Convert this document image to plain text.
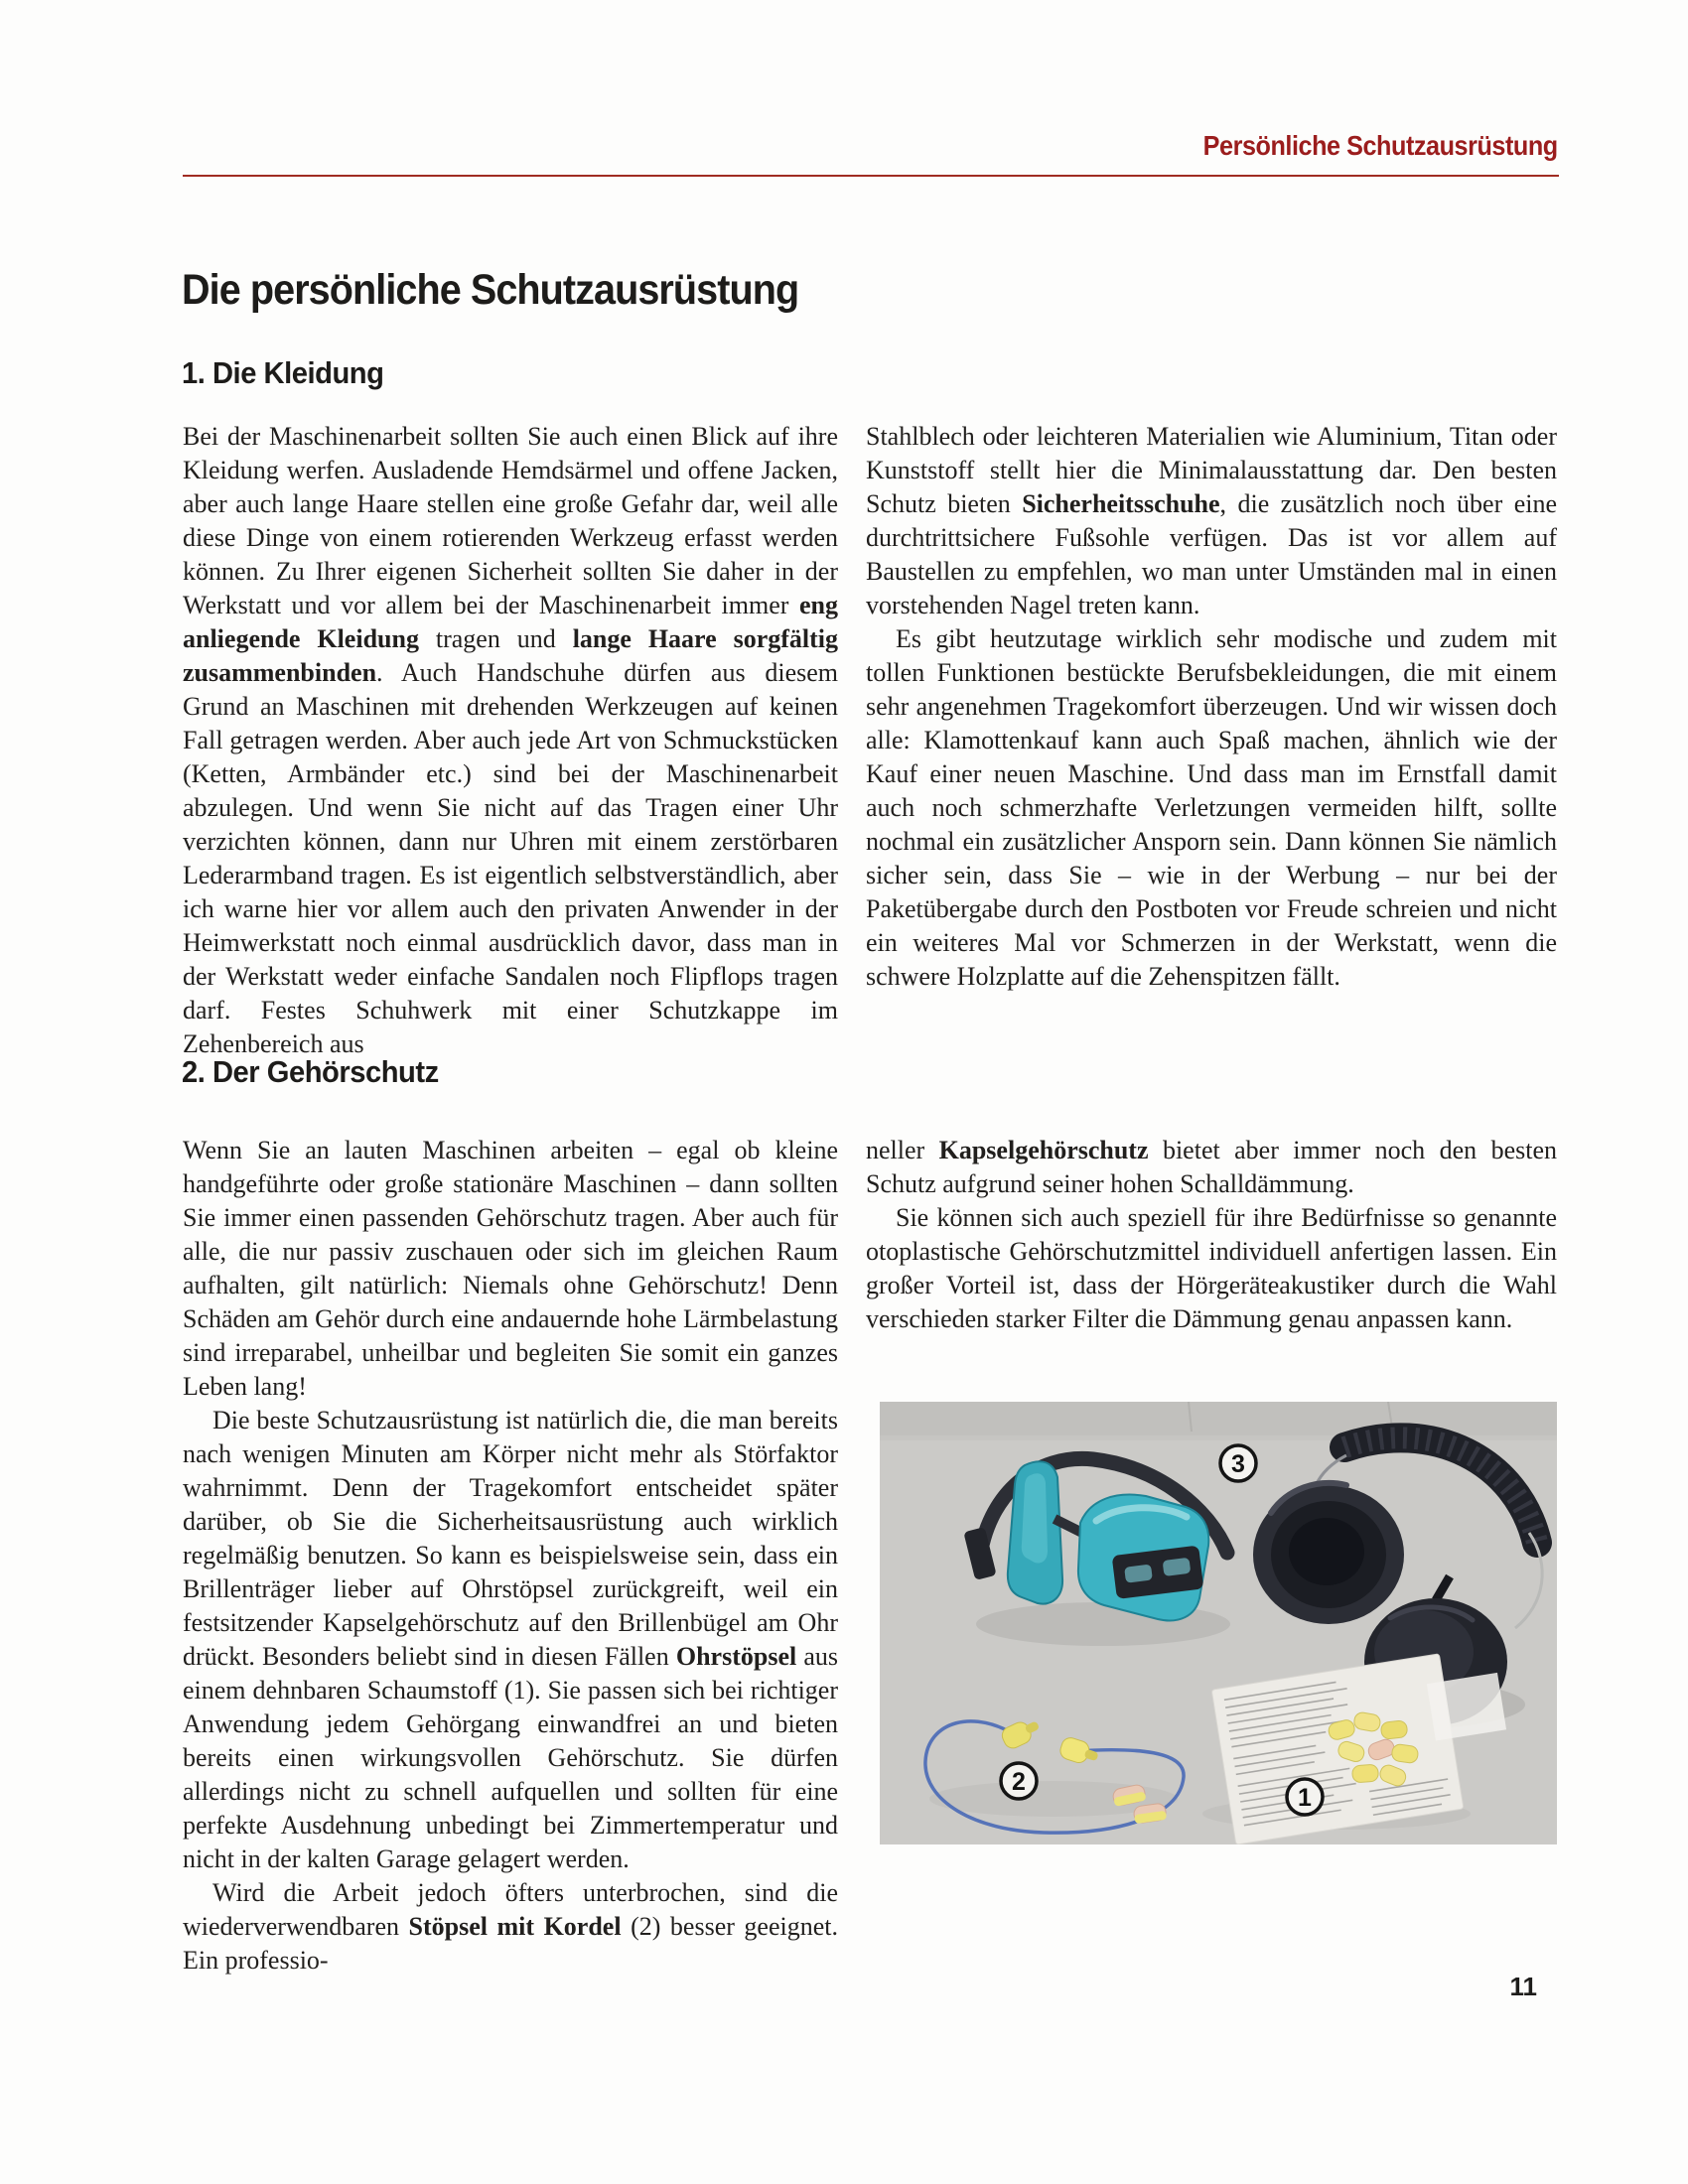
Persönliche Schutzausrüstung
Die persönliche Schutzausrüstung
1. Die Kleidung

Bei der Maschinenarbeit sollten Sie auch einen Blick auf ihre Kleidung werfen. Ausladende Hemdsärmel und offene Jacken, aber auch lange Haare stellen eine große Gefahr dar, weil alle diese Dinge von einem rotierenden Werkzeug erfasst werden können. Zu Ihrer eigenen Sicherheit sollten Sie daher in der Werkstatt und vor allem bei der Maschinenarbeit immer eng anliegende Kleidung tragen und lange Haare sorgfältig zusammenbinden. Auch Handschuhe dürfen aus diesem Grund an Maschinen mit drehenden Werkzeugen auf keinen Fall getragen werden. Aber auch jede Art von Schmuckstücken (Ketten, Armbänder etc.) sind bei der Maschinenarbeit abzulegen. Und wenn Sie nicht auf das Tragen einer Uhr verzichten können, dann nur Uhren mit einem zerstörbaren Lederarmband tragen. Es ist eigentlich selbstverständlich, aber ich warne hier vor allem auch den privaten Anwender in der Heimwerkstatt noch einmal ausdrücklich davor, dass man in der Werkstatt weder einfache Sandalen noch Flipflops tragen darf. Festes Schuhwerk mit einer Schutzkappe im Zehenbereich aus

Stahlblech oder leichteren Materialien wie Aluminium, Titan oder Kunststoff stellt hier die Minimalausstattung dar. Den besten Schutz bieten Sicherheitsschuhe, die zusätzlich noch über eine durchtrittsichere Fußsohle verfügen. Das ist vor allem auf Baustellen zu empfehlen, wo man unter Umständen mal in einen vorstehenden Nagel treten kann.

Es gibt heutzutage wirklich sehr modische und zudem mit tollen Funktionen bestückte Berufsbekleidungen, die mit einem sehr angenehmen Tragekomfort überzeugen. Und wir wissen doch alle: Klamottenkauf kann auch Spaß machen, ähnlich wie der Kauf einer neuen Maschine. Und dass man im Ernstfall damit auch noch schmerzhafte Verletzungen vermeiden hilft, sollte nochmal ein zusätzlicher Ansporn sein. Dann können Sie nämlich sicher sein, dass Sie – wie in der Werbung – nur bei der Paketübergabe durch den Postboten vor Freude schreien und nicht ein weiteres Mal vor Schmerzen in der Werkstatt, wenn die schwere Holzplatte auf die Zehenspitzen fällt.

2. Der Gehörschutz

Wenn Sie an lauten Maschinen arbeiten – egal ob kleine handgeführte oder große stationäre Maschinen – dann sollten Sie immer einen passenden Gehörschutz tragen. Aber auch für alle, die nur passiv zuschauen oder sich im gleichen Raum aufhalten, gilt natürlich: Niemals ohne Gehörschutz! Denn Schäden am Gehör durch eine andauernde hohe Lärmbelastung sind irreparabel, unheilbar und begleiten Sie somit ein ganzes Leben lang!

Die beste Schutzausrüstung ist natürlich die, die man bereits nach wenigen Minuten am Körper nicht mehr als Störfaktor wahrnimmt. Denn der Tragekomfort entscheidet später darüber, ob Sie die Sicherheitsausrüstung auch wirklich regelmäßig benutzen. So kann es beispielsweise sein, dass ein Brillenträger lieber auf Ohrstöpsel zurückgreift, weil ein festsitzender Kapselgehörschutz auf den Brillenbügel am Ohr drückt. Besonders beliebt sind in diesen Fällen Ohrstöpsel aus einem dehnbaren Schaumstoff (1). Sie passen sich bei richtiger Anwendung jedem Gehörgang einwandfrei an und bieten bereits einen wirkungsvollen Gehörschutz. Sie dürfen allerdings nicht zu schnell aufquellen und sollten für eine perfekte Ausdehnung unbedingt bei Zimmertemperatur und nicht in der kalten Garage gelagert werden.

Wird die Arbeit jedoch öfters unterbrochen, sind die wiederverwendbaren Stöpsel mit Kordel (2) besser geeignet. Ein professio-

neller Kapselgehörschutz bietet aber immer noch den besten Schutz aufgrund seiner hohen Schalldämmung.

Sie können sich auch speziell für ihre Bedürfnisse so genannte otoplastische Gehörschutzmittel individuell anfertigen lassen. Ein großer Vorteil ist, dass der Hörgeräteakustiker durch die Wahl verschieden starker Filter die Dämmung genau anpassen kann.

3
2
1
11
